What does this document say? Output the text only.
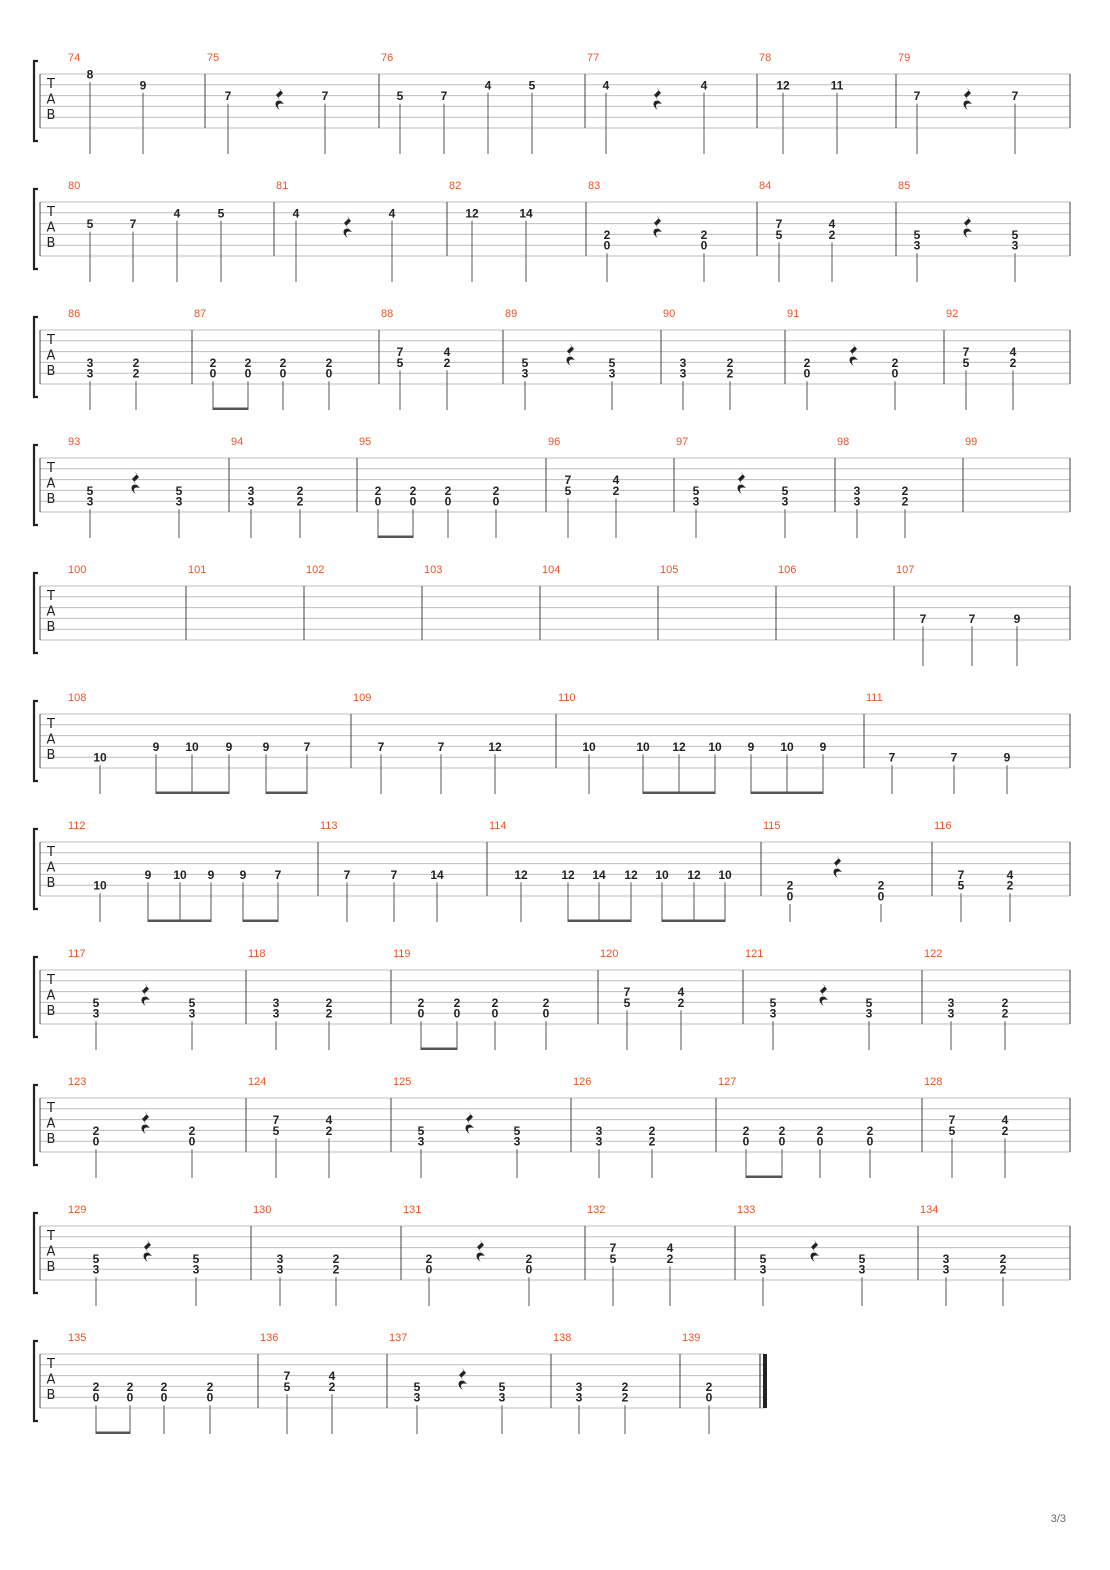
T
A
B
74
8
9
75
7	7
76
5	7
4	5
77
4	4
78
12	11
79
7	7
T
A
B
80
5	7
4	5
81
4	4
82
12	14
83
2
0
2
0
84
7
5
4
2
85
5
3
5
3
T
A
B
86
3
3
2
2
87
2
0
2
0
2
0
2
0
88
7
5
4
2
89
5
3
5
3
90
3
3
2
2
91
2
0
2
0
92
7
5
4
2
T
A
B
93
5
3
5
3
94
3
3
2
2
95
2
0
2
0
2
0
2
0
96
7
5
4
2
97
5
3
5
3
98
3
3
2
2
99
T
A
B
100	101	102	103	104	105	106	107
7	7	9
T
A
B
108
10
9 10 9	9	7
109
7	7	12
110
10	10 12 10 9 10 9
111
7	7	9
T
A
B
112
10
9 10 9 9 7
113
7	7	14
114
12	12 14 12 10 12 10
115
2
0
2
0
116
7
5
4
2
T
A
B
117
5
3
5
3
118
3
3
2
2
119
2
0
2
0
2
0
2
0
120
7
5
4
2
121
5
3
5
3
122
3
3
2
2
T
A
B
123
2
0
2
0
124
7
5
4
2
125
5
3
5
3
126
3
3
2
2
127
2
0
2
0
2
0
2
0
128
7
5
4
2
T
A
B
129
5
3
5
3
130
3
3
2
2
131
2
0
2
0
132
7
5
4
2
133
5
3
5
3
134
3
3
2
2
T
A
B
135
2
0
2
0
2
0
2
0
136
7
5
4
2
137
5
3
5
3
138
3
3
2
2
139
2
0
3/3
